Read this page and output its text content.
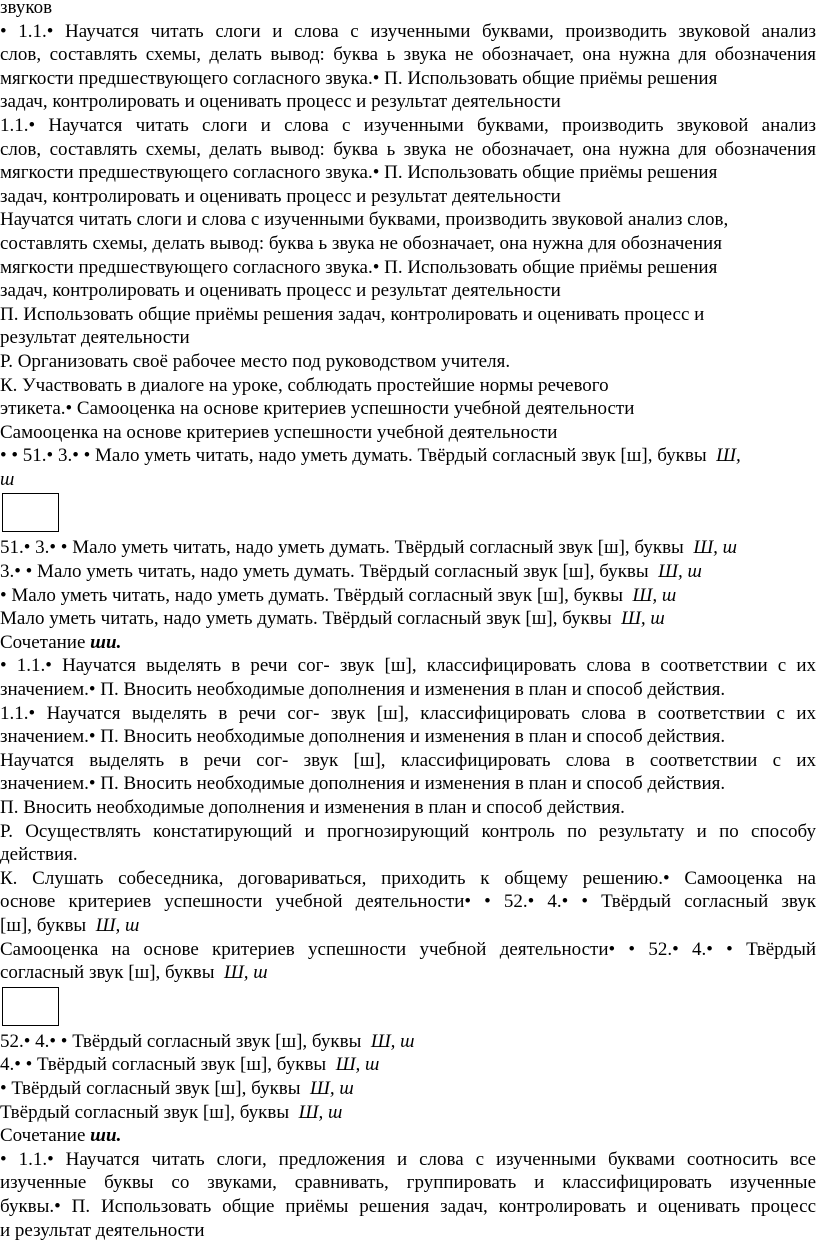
звуков
• 1.1.• Научатся читать слоги и слова с изученными буквами, производить звуковой анализ
слов, составлять схемы, делать вывод: буква ь звука не обозначает, она нужна для обозначения
мягкости предшествующего согласного звука.• П. Использовать общие приёмы решения
задач, контролировать и оценивать процесс и результат деятельности
1.1.• Научатся читать слоги и слова с изученными буквами, производить звуковой анализ
слов, составлять схемы, делать вывод: буква ь звука не обозначает, она нужна для обозначения
мягкости предшествующего согласного звука.• П. Использовать общие приёмы решения
задач, контролировать и оценивать процесс и результат деятельности
Научатся читать слоги и слова с изученными буквами, производить звуковой анализ слов,
составлять схемы, делать вывод: буква ь звука не обозначает, она нужна для обозначения
мягкости предшествующего согласного звука.• П. Использовать общие приёмы решения
задач, контролировать и оценивать процесс и результат деятельности
П. Использовать общие приёмы решения задач, контролировать и оценивать процесс и
результат деятельности
Р. Организовать своё рабочее место под руководством учителя.
К. Участвовать в диалоге на уроке, соблюдать простейшие нормы речевого
этикета.• Самооценка на основе критериев успешности учебной деятельности
Самооценка на основе критериев успешности учебной деятельности
• • 51.• 3.• • Мало уметь читать, надо уметь думать. Твёрдый согласный звук [ш], буквы Ш,
ш
51.• 3.• • Мало уметь читать, надо уметь думать. Твёрдый согласный звук [ш], буквы Ш, ш
3.• • Мало уметь читать, надо уметь думать. Твёрдый согласный звук [ш], буквы Ш, ш
• Мало уметь читать, надо уметь думать. Твёрдый согласный звук [ш], буквы Ш, ш
Мало уметь читать, надо уметь думать. Твёрдый согласный звук [ш], буквы Ш, ш
Сочетание ши.
• 1.1.• Научатся выделять в речи сог- звук [ш], классифицировать слова в соответствии с их
значением.• П. Вносить необходимые дополнения и изменения в план и способ действия.
1.1.• Научатся выделять в речи сог- звук [ш], классифицировать слова в соответствии с их
значением.• П. Вносить необходимые дополнения и изменения в план и способ действия.
Научатся выделять в речи сог- звук [ш], классифицировать слова в соответствии с их
значением.• П. Вносить необходимые дополнения и изменения в план и способ действия.
П. Вносить необходимые дополнения и изменения в план и способ действия.
Р. Осуществлять констатирующий и прогнозирующий контроль по результату и по способу
действия.
К. Слушать собеседника, договариваться, приходить к общему решению.• Самооценка на
основе критериев успешности учебной деятельности• • 52.• 4.• • Твёрдый согласный звук
[ш], буквы Ш, ш
Самооценка на основе критериев успешности учебной деятельности• • 52.• 4.• • Твёрдый
согласный звук [ш], буквы Ш, ш
52.• 4.• • Твёрдый согласный звук [ш], буквы Ш, ш
4.• • Твёрдый согласный звук [ш], буквы Ш, ш
• Твёрдый согласный звук [ш], буквы Ш, ш
Твёрдый согласный звук [ш], буквы Ш, ш
Сочетание ши.
• 1.1.• Научатся читать слоги, предложения и слова с изученными буквами соотносить все
изученные буквы со звуками, сравнивать, группировать и классифицировать изученные
буквы.• П. Использовать общие приёмы решения задач, контролировать и оценивать процесс
и результат деятельности
